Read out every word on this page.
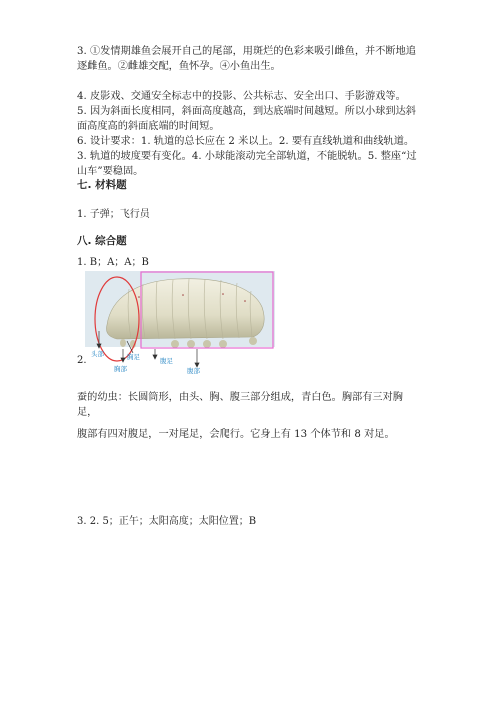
3. ①发情期雄鱼会展开自己的尾部，用斑烂的色彩来吸引雌鱼，并不断地追逐雌鱼。②雌雄交配，鱼怀孕。④小鱼出生。

4. 皮影戏、交通安全标志中的投影、公共标志、安全出口、手影游戏等。

5. 因为斜面长度相同，斜面高度越高，到达底端时间越短。所以小球到达斜面高度高的斜面底端的时间短。

6. 设计要求：1. 轨道的总长应在 2 米以上。2. 要有直线轨道和曲线轨道。3. 轨道的坡度要有变化。4. 小球能滚动完全部轨道，不能脱轨。5. 整座“过山车”要稳固。

七. 材料题

1. 子弹；飞行员

八. 综合题

1. B；A；A；B

2.

头部	胸足
胸部
腹足
腹部

蚕的幼虫：长圆筒形，由头、胸、腹三部分组成，青白色。胸部有三对胸足，

腹部有四对腹足，一对尾足，会爬行。它身上有 13 个体节和 8 对足。

3. 2. 5；正午；太阳高度；太阳位置；B
